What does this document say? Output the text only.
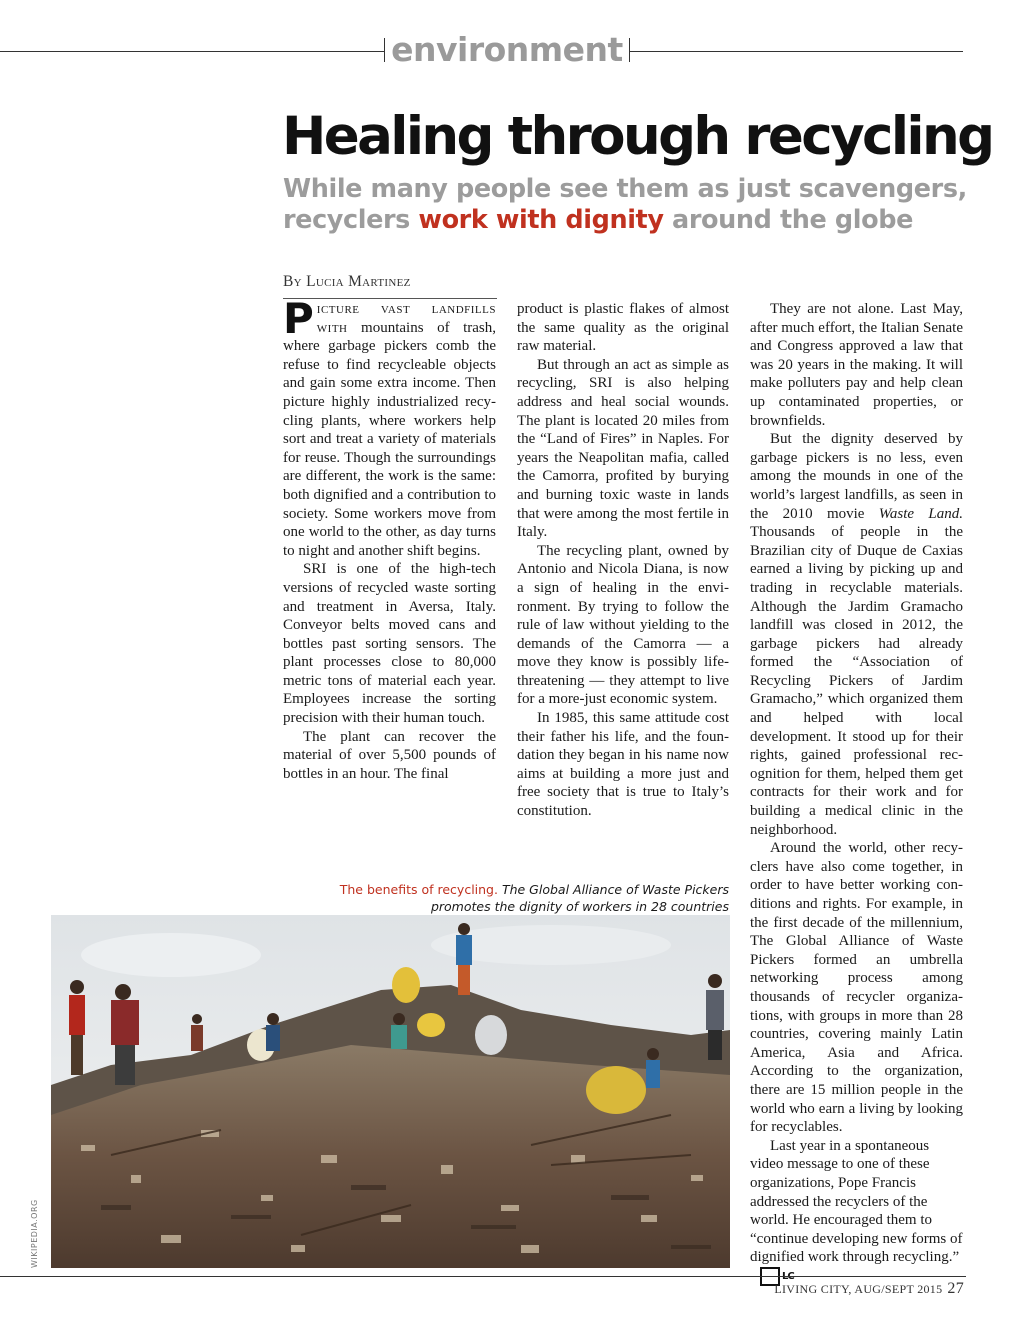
environment
Healing through recycling
While many people see them as just scavengers, recyclers work with dignity around the globe
By Lucia Martinez

Picture vast landfills with mountains of trash, where garbage pickers comb the refuse to find recycleable objects and gain some extra income. Then picture highly industrialized recycling plants, where workers help sort and treat a variety of materials for reuse. Though the surroundings are different, the work is the same: both dignified and a contribution to society. Some workers move from one world to the other, as day turns to night and another shift begins.

SRI is one of the high-tech versions of recycled waste sorting and treatment in Aversa, Italy. Conveyor belts moved cans and bottles past sorting sensors. The plant processes close to 80,000 metric tons of material each year. Employees increase the sorting precision with their human touch.

The plant can recover the material of over 5,500 pounds of bottles in an hour. The final

product is plastic flakes of almost the same quality as the original raw material.

But through an act as simple as recycling, SRI is also helping address and heal social wounds. The plant is located 20 miles from the “Land of Fires” in Naples. For years the Neapolitan mafia, called the Camorra, profited by burying and burning toxic waste in lands that were among the most fertile in Italy.

The recycling plant, owned by Antonio and Nicola Diana, is now a sign of healing in the environment. By trying to follow the rule of law without yielding to the demands of the Camorra — a move they know is possibly life-threatening — they attempt to live for a more-just economic system.

In 1985, this same attitude cost their father his life, and the foundation they began in his name now aims at building a more just and free society that is true to Italy’s constitution.

They are not alone. Last May, after much effort, the Italian Senate and Congress approved a law that was 20 years in the making. It will make polluters pay and help clean up contaminated properties, or brownfields.

But the dignity deserved by garbage pickers is no less, even among the mounds in one of the world’s largest landfills, as seen in the 2010 movie Waste Land. Thousands of people in the Brazilian city of Duque de Caxias earned a living by picking up and trading in recyclable materials. Although the Jardim Gramacho landfill was closed in 2012, the garbage pickers had already formed the “Association of Recycling Pickers of Jardim Gramacho,” which organized them and helped with local development. It stood up for their rights, gained professional recognition for them, helped them get contracts for their work and for building a medical clinic in the neighborhood.

Around the world, other recyclers have also come together, in order to have better working conditions and rights. For example, in the first decade of the millennium, The Global Alliance of Waste Pickers formed an umbrella networking process among thousands of recycler organizations, with groups in more than 28 countries, covering mainly Latin America, Asia and Africa. According to the organization, there are 15 million people in the world who earn a living by looking for recyclables.

Last year in a spontaneous video message to one of these organizations, Pope Francis addressed the recyclers of the world. He encouraged them to “continue developing new forms of dignified work through recycling.”

The benefits of recycling. The Global Alliance of Waste Pickers promotes the dignity of workers in 28 countries
WIKIPEDIA.ORG
LIVING CITY, AUG/SEPT 2015 27
